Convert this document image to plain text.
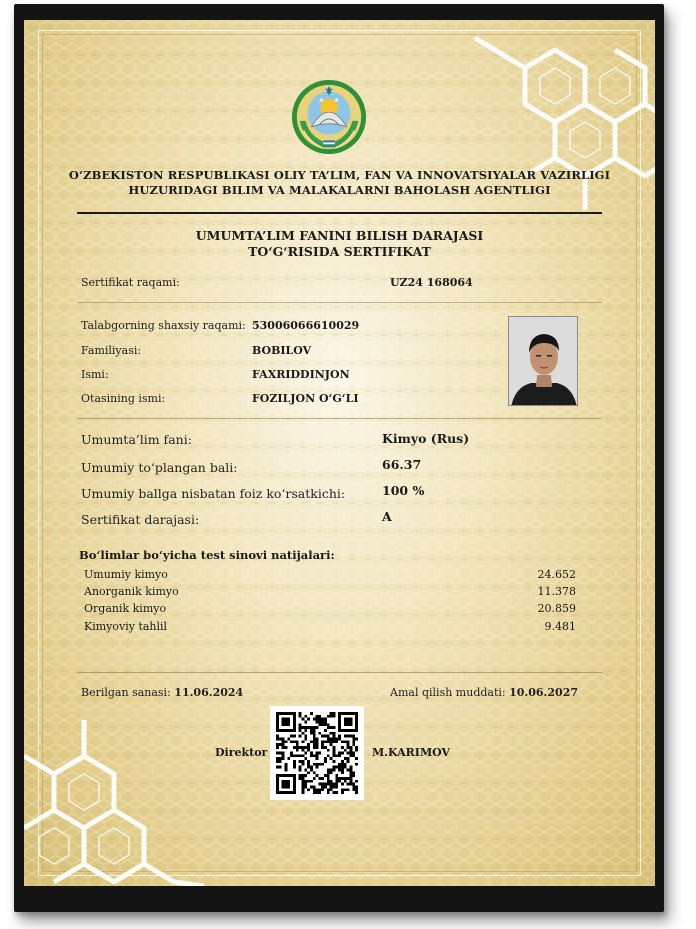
O‘ZBEKISTON RESPUBLIKASI OLIY TA’LIM, FAN VA INNOVATSIYALAR VAZIRLIGI
HUZURIDAGI BILIM VA MALAKALARNI BAHOLASH AGENTLIGI
UMUMTA’LIM FANINI BILISH DARAJASI
TO‘G‘RISIDA SERTIFIKAT
Sertifikat raqami:	UZ24 168064
Talabgorning shaxsiy raqami: 53006066610029
Familiyasi:	BOBILOV
Ismi:	FAXRIDDINJON
Otasining ismi:	FOZILJON O‘G‘LI
Umumta’lim fani:	Kimyo (Rus)
Umumiy to‘plangan bali:	66.37
Umumiy ballga nisbatan foiz ko‘rsatkichi:	100 %
Sertifikat darajasi:	A
Bo‘limlar bo‘yicha test sinovi natijalari:
Umumiy kimyo	24.652
Anorganik kimyo	11.378
Organik kimyo	20.859
Kimyoviy tahlil	9.481
Berilgan sanasi: 11.06.2024	Amal qilish muddati: 10.06.2027
Direktor	M.KARIMOV
